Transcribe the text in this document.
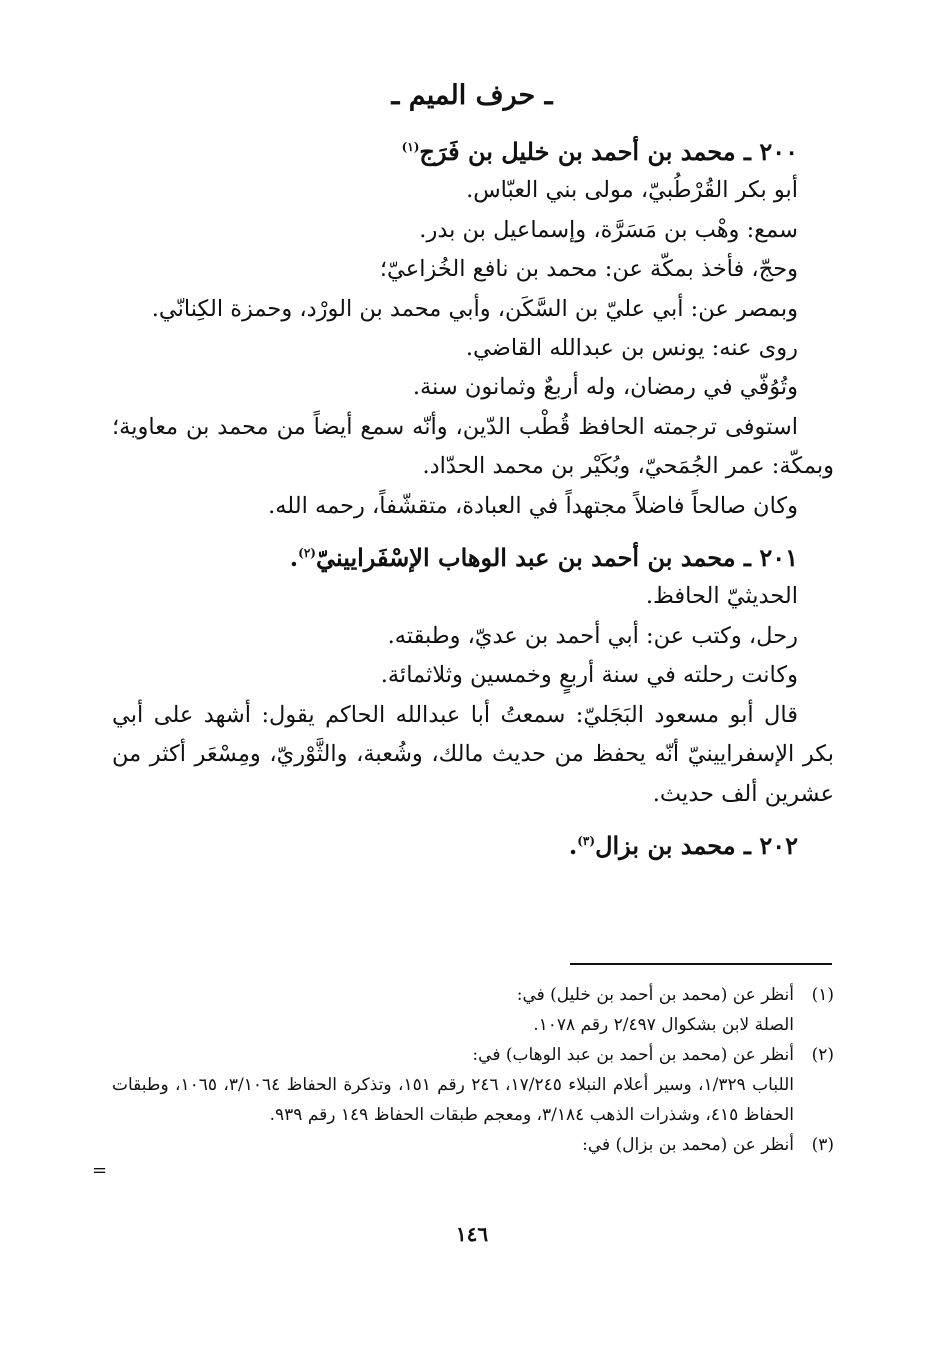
ـ حرف الميم ـ
٢٠٠ ـ محمد بن أحمد بن خليل بن فَرَج$^{(١)}$
أبو بكر القُرْطُبيّ، مولى بني العبّاس.
سمع: وهْب بن مَسَرَّة، وإسماعيل بن بدر.
وحجّ، فأخذ بمكّة عن: محمد بن نافع الخُزاعيّ؛
وبمصر عن: أبي عليّ بن السَّكَن، وأبي محمد بن الورْد، وحمزة الكِنانّي.
روى عنه: يونس بن عبدالله القاضي.
وتُوُفّي في رمضان، وله أربعٌ وثمانون سنة.
استوفى ترجمته الحافظ قُطْب الدّين، وأنّه سمع أيضاً من محمد بن معاوية؛ وبمكّة: عمر الجُمَحيّ، وبُكَيْر بن محمد الحدّاد.
وكان صالحاً فاضلاً مجتهداً في العبادة، متقشّفاً، رحمه الله.
٢٠١ ـ محمد بن أحمد بن عبد الوهاب الإسْفَرايينيّ$^{(٢)}$.
الحديثيّ الحافظ.
رحل، وكتب عن: أبي أحمد بن عديّ، وطبقته.
وكانت رحلته في سنة أربعٍ وخمسين وثلاثمائة.
قال أبو مسعود البَجَليّ: سمعتُ أبا عبدالله الحاكم يقول: أشهد على أبي بكر الإسفرايينيّ أنّه يحفظ من حديث مالك، وشُعبة، والثَّوْريّ، ومِسْعَر أكثر من عشرين ألف حديث.
٢٠٢ ـ محمد بن بزال$^{(٣)}$.
(١)
أنظر عن (محمد بن أحمد بن خليل) في:
الصلة لابن بشكوال ٢/٤٩٧ رقم ١٠٧٨.
(٢)
أنظر عن (محمد بن أحمد بن عبد الوهاب) في:
اللباب ١/٣٢٩، وسير أعلام النبلاء ١٧/٢٤٥، ٢٤٦ رقم ١٥١، وتذكرة الحفاظ ٣/١٠٦٤، ١٠٦٥، وطبقات الحفاظ ٤١٥، وشذرات الذهب ٣/١٨٤، ومعجم طبقات الحفاظ ١٤٩ رقم ٩٣٩.
(٣)
أنظر عن (محمد بن بزال) في:
=
١٤٦
